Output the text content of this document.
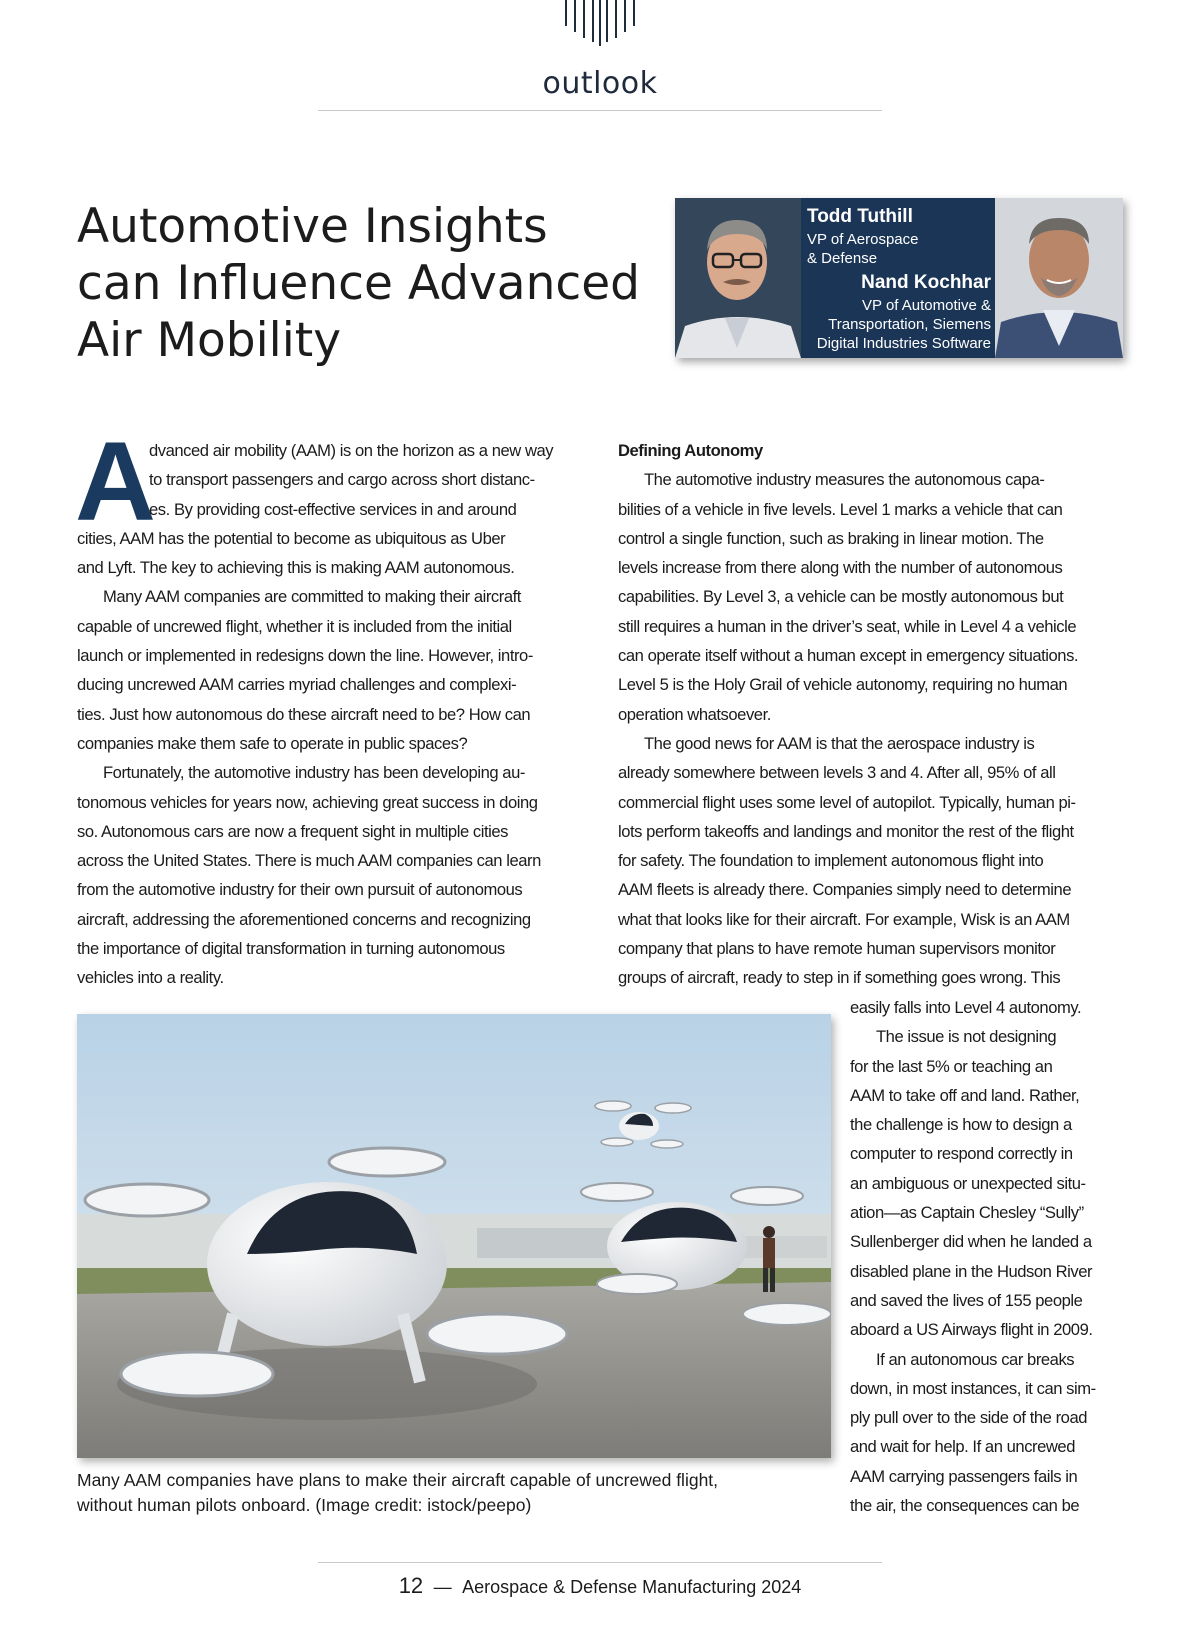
outlook
Automotive Insights
can Influence Advanced
Air Mobility
Todd Tuthill
VP of Aerospace
& Defense
Nand Kochhar
VP of Automotive &
Transportation, Siemens
Digital Industries Software
A
dvanced air mobility (AAM) is on the horizon as a new way
to transport passengers and cargo across short distanc-
es. By providing cost-effective services in and around
cities, AAM has the potential to become as ubiquitous as Uber
and Lyft. The key to achieving this is making AAM autonomous.
Many AAM companies are committed to making their aircraft
capable of uncrewed flight, whether it is included from the initial
launch or implemented in redesigns down the line. However, intro-
ducing uncrewed AAM carries myriad challenges and complexi-
ties. Just how autonomous do these aircraft need to be? How can
companies make them safe to operate in public spaces?
Fortunately, the automotive industry has been developing au-
tonomous vehicles for years now, achieving great success in doing
so. Autonomous cars are now a frequent sight in multiple cities
across the United States. There is much AAM companies can learn
from the automotive industry for their own pursuit of autonomous
aircraft, addressing the aforementioned concerns and recognizing
the importance of digital transformation in turning autonomous
vehicles into a reality.
Defining Autonomy
The automotive industry measures the autonomous capa-
bilities of a vehicle in five levels. Level 1 marks a vehicle that can
control a single function, such as braking in linear motion. The
levels increase from there along with the number of autonomous
capabilities. By Level 3, a vehicle can be mostly autonomous but
still requires a human in the driver’s seat, while in Level 4 a vehicle
can operate itself without a human except in emergency situations.
Level 5 is the Holy Grail of vehicle autonomy, requiring no human
operation whatsoever.
The good news for AAM is that the aerospace industry is
already somewhere between levels 3 and 4. After all, 95% of all
commercial flight uses some level of autopilot. Typically, human pi-
lots perform takeoffs and landings and monitor the rest of the flight
for safety. The foundation to implement autonomous flight into
AAM fleets is already there. Companies simply need to determine
what that looks like for their aircraft. For example, Wisk is an AAM
company that plans to have remote human supervisors monitor
groups of aircraft, ready to step in if something goes wrong. This
easily falls into Level 4 autonomy.
The issue is not designing
for the last 5% or teaching an
AAM to take off and land. Rather,
the challenge is how to design a
computer to respond correctly in
an ambiguous or unexpected situ-
ation—as Captain Chesley “Sully”
Sullenberger did when he landed a
disabled plane in the Hudson River
and saved the lives of 155 people
aboard a US Airways flight in 2009.
If an autonomous car breaks
down, in most instances, it can sim-
ply pull over to the side of the road
and wait for help. If an uncrewed
AAM carrying passengers fails in
the air, the consequences can be
Many AAM companies have plans to make their aircraft capable of uncrewed flight,
without human pilots onboard. (Image credit: istock/peepo)
12 — Aerospace & Defense Manufacturing 2024
